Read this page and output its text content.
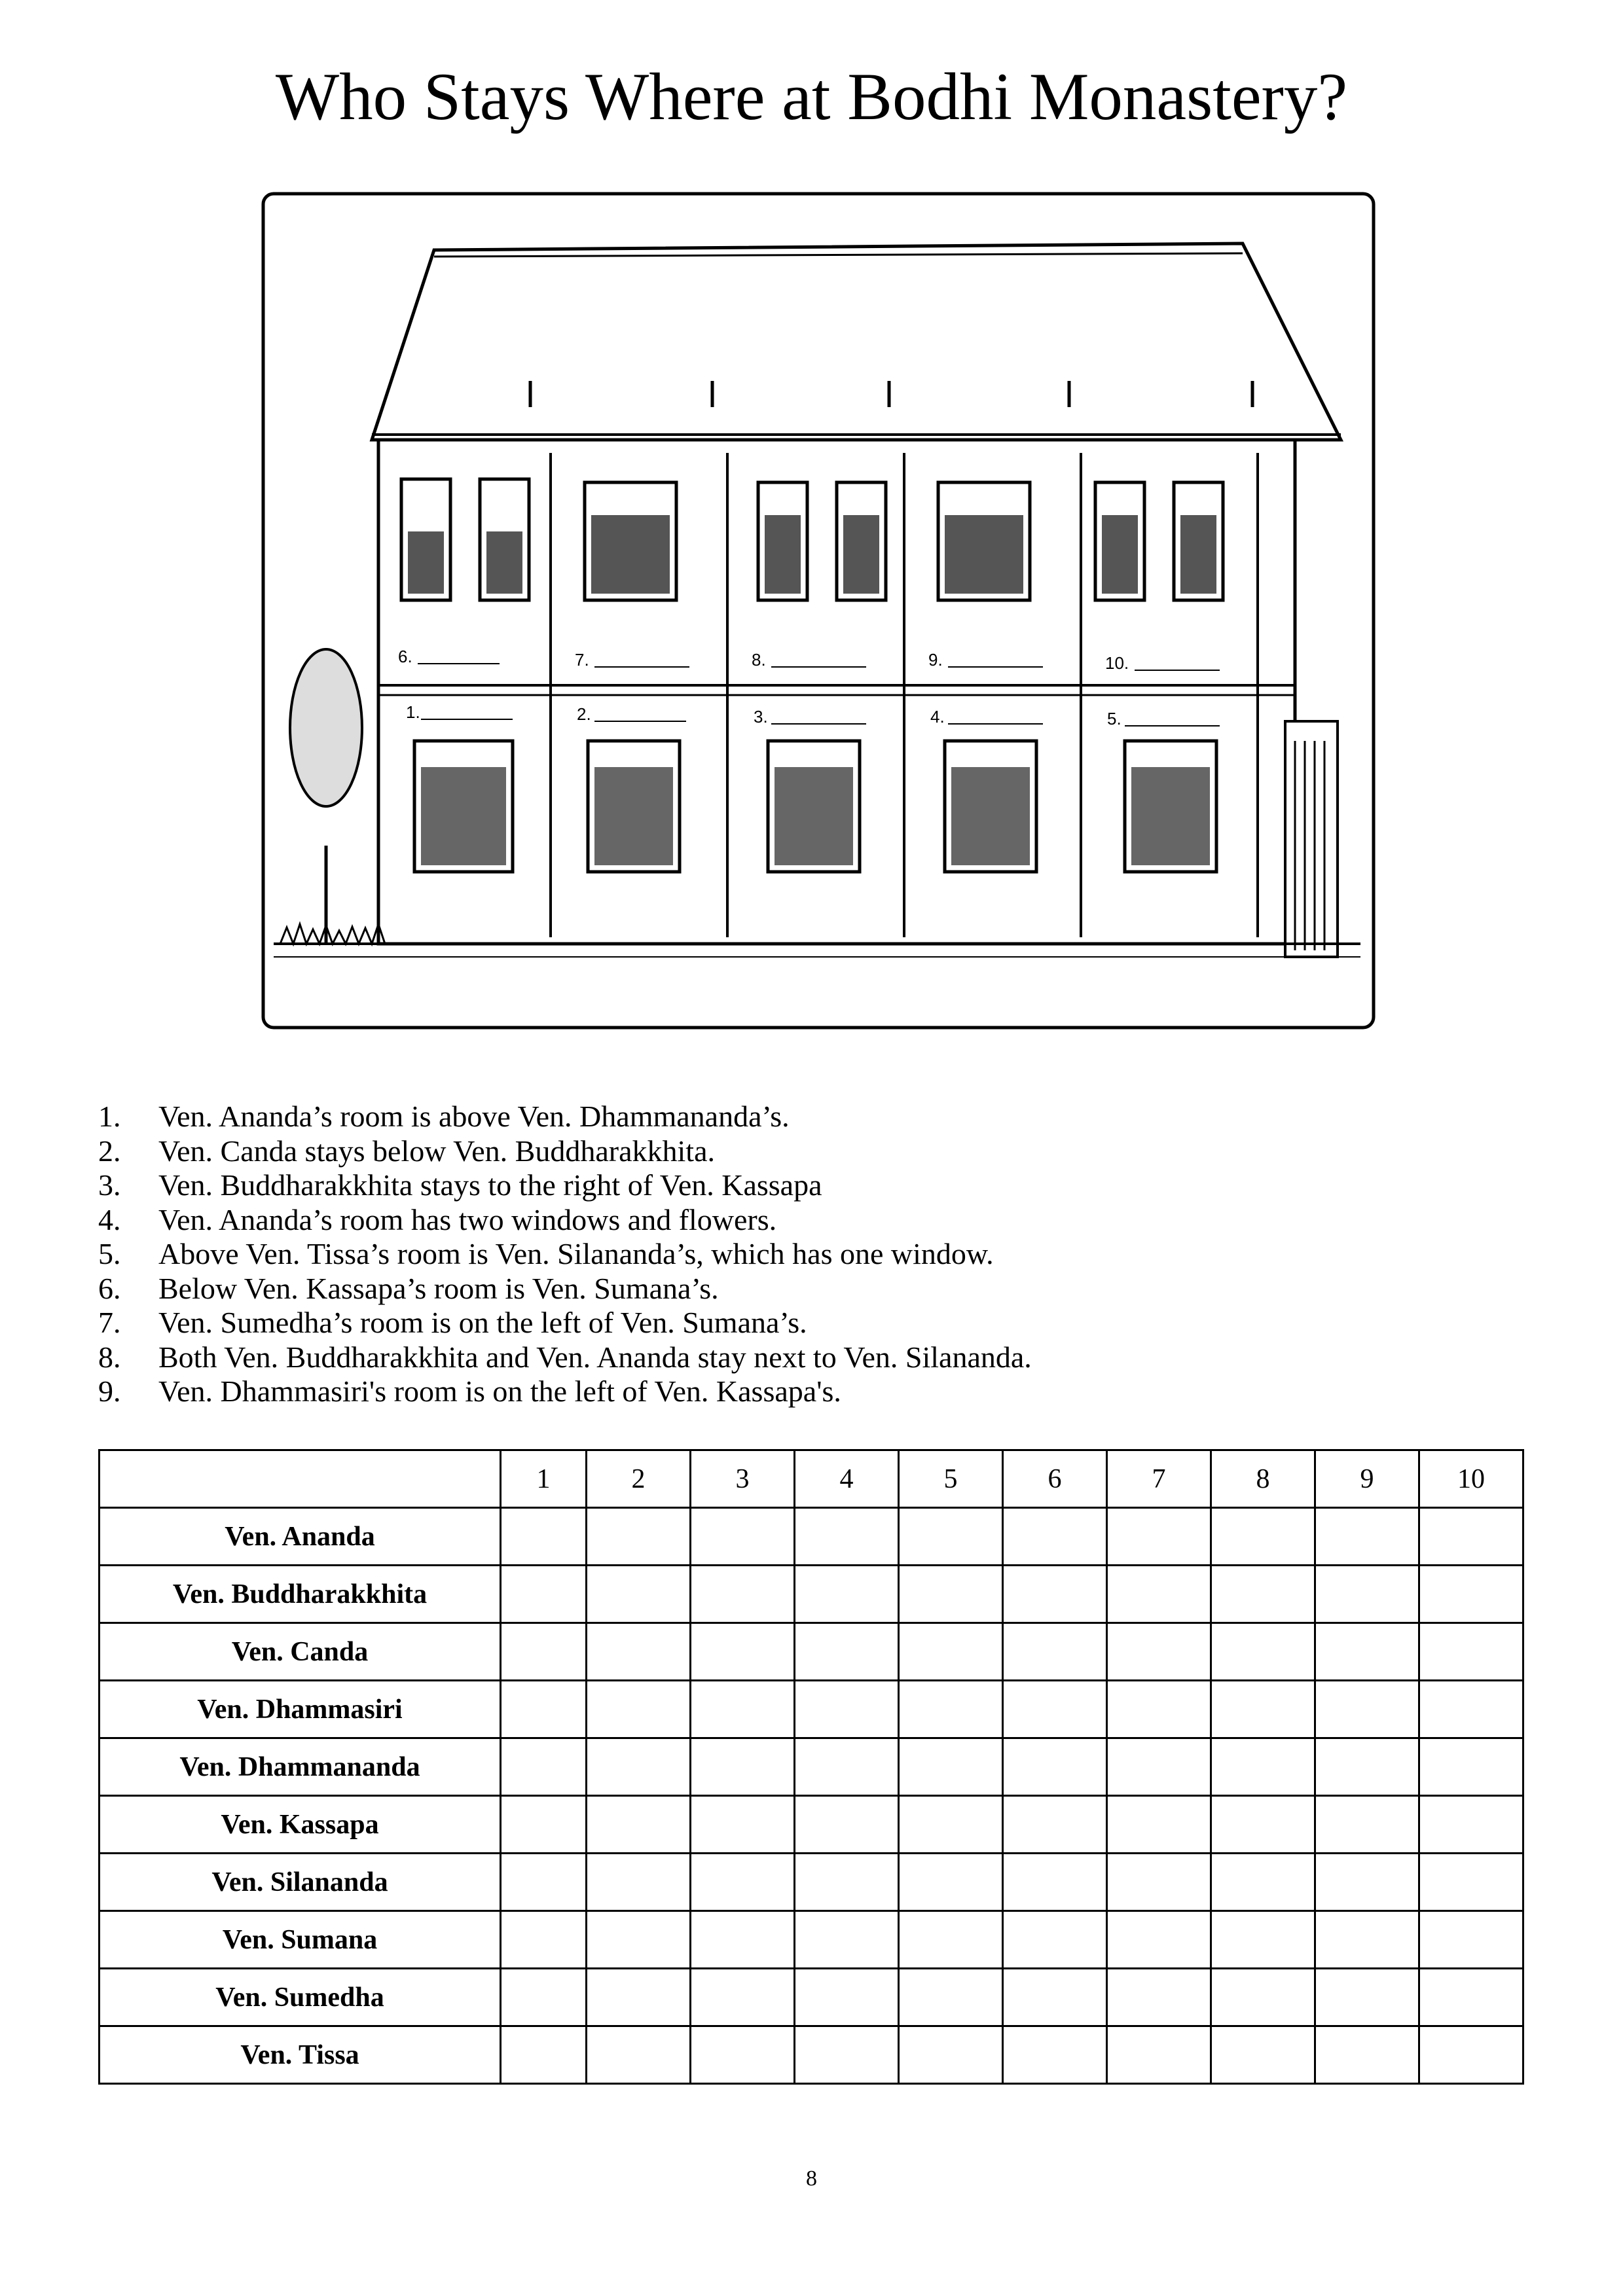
Who Stays Where at Bodhi Monastery?
6.	7.	8.	9.	10.
1.	2.	3.	4.	5.
1.	Ven. Ananda’s room is above Ven. Dhammananda’s.
2.	Ven. Canda stays below Ven. Buddharakkhita.
3.	Ven. Buddharakkhita stays to the right of Ven. Kassapa
4.	Ven. Ananda’s room has two windows and flowers.
5.	Above Ven. Tissa’s room is Ven. Silananda’s, which has one window.
6.	Below Ven. Kassapa’s room is Ven. Sumana’s.
7.	Ven. Sumedha’s room is on the left of Ven. Sumana’s.
8.	Both Ven. Buddharakkhita and Ven. Ananda stay next to Ven. Silananda.
9.	Ven. Dhammasiri's room is on the left of Ven. Kassapa's.
	1	2	3	4	5	6	7	8	9	10
Ven. Ananda										
Ven. Buddharakkhita										
Ven. Canda										
Ven. Dhammasiri										
Ven. Dhammananda										
Ven. Kassapa										
Ven. Silananda										
Ven. Sumana										
Ven. Sumedha										
Ven. Tissa										
8
